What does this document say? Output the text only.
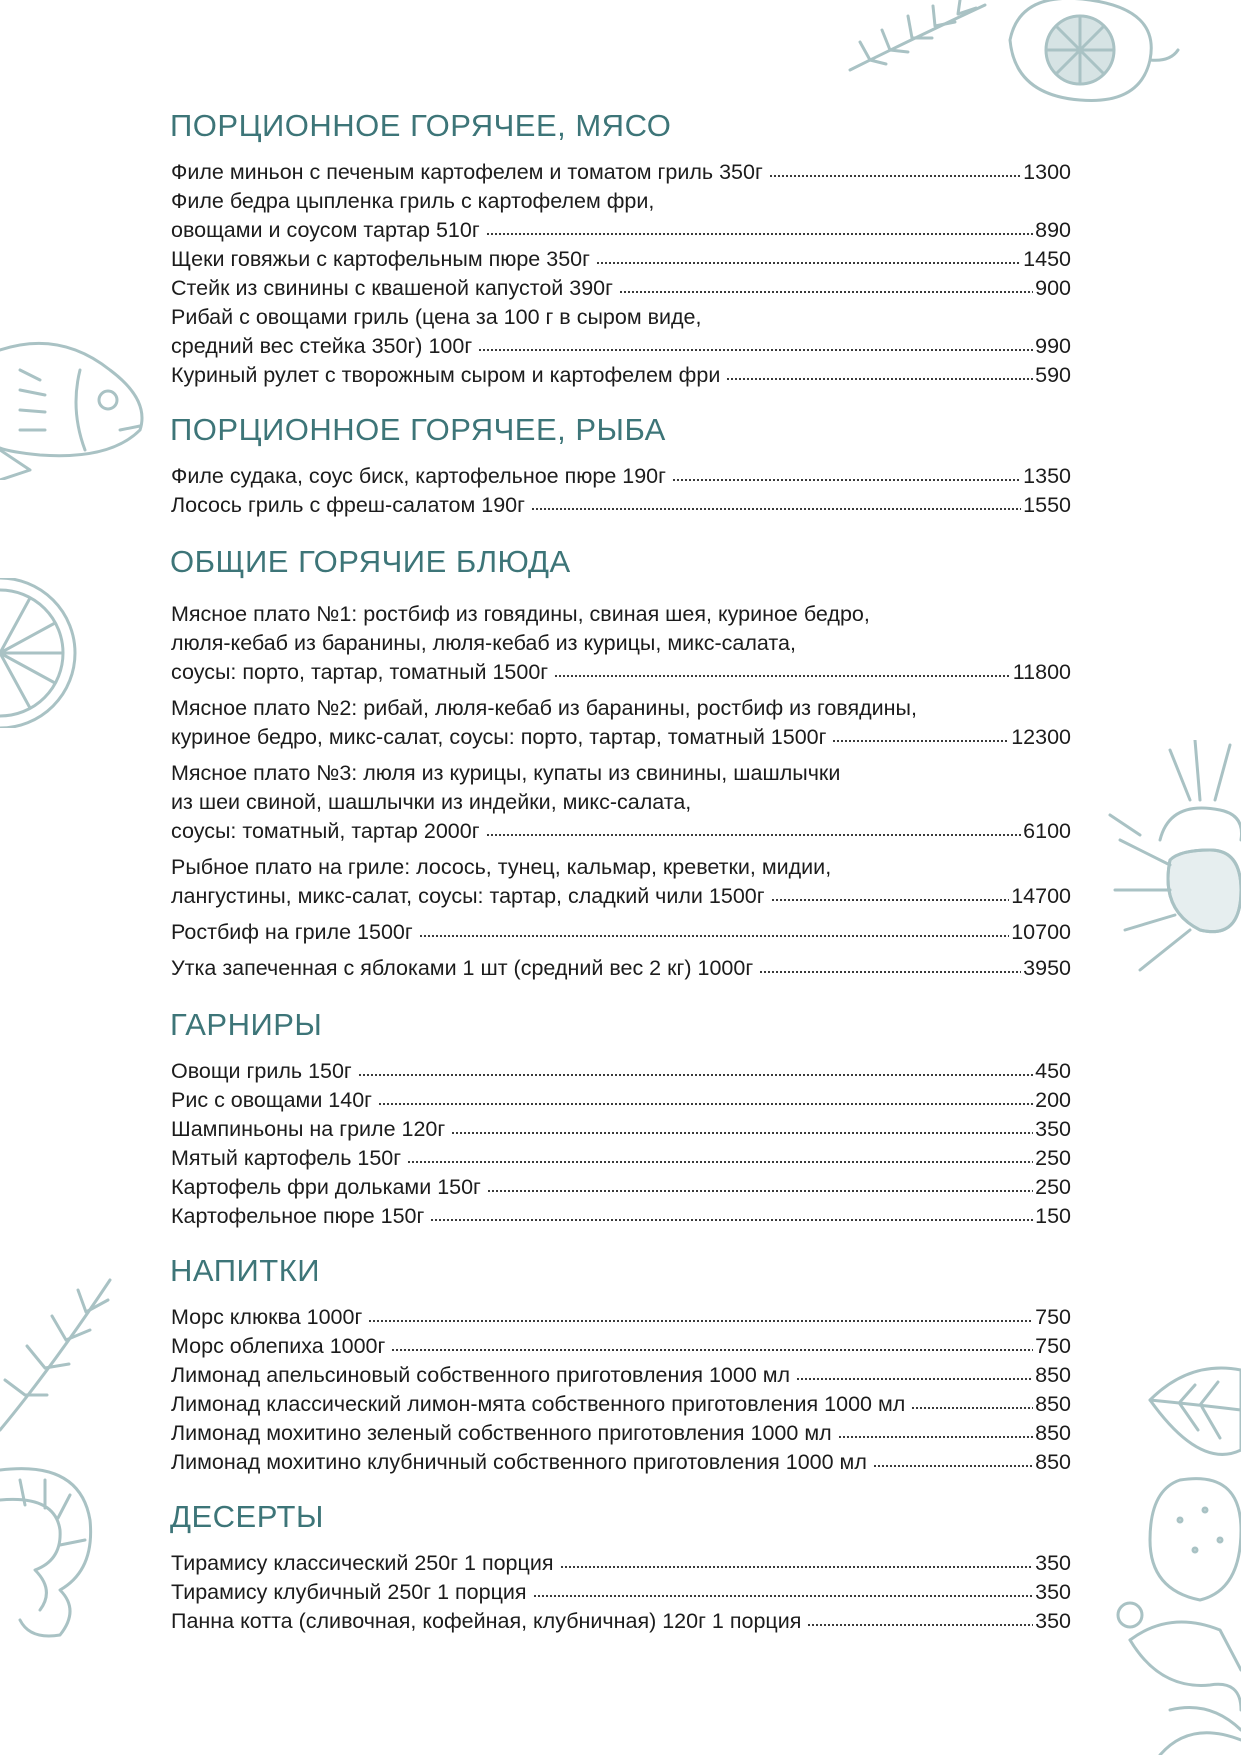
ПОРЦИОННОЕ ГОРЯЧЕЕ, МЯСО
Филе миньон с печеным картофелем и томатом гриль 350г	1300
Филе бедра цыпленка гриль с картофелем фри,
овощами и соусом тартар 510г	890
Щеки говяжьи с картофельным пюре 350г	1450
Стейк из свинины с квашеной капустой 390г	900
Рибай с овощами гриль (цена за 100 г в сыром виде,
средний вес стейка 350г) 100г	990
Куриный рулет с творожным сыром и картофелем фри	590
ПОРЦИОННОЕ ГОРЯЧЕЕ, РЫБА
Филе судака, соус биск, картофельное пюре 190г	1350
Лосось гриль с фреш-салатом 190г	1550
ОБЩИЕ ГОРЯЧИЕ БЛЮДА
Мясное плато №1: ростбиф из говядины, свиная шея, куриное бедро,
люля-кебаб из баранины, люля-кебаб из курицы, микс-салата,
соусы: порто, тартар, томатный 1500г	11800
Мясное плато №2: рибай, люля-кебаб из баранины, ростбиф из говядины,
куриное бедро, микс-салат, соусы: порто, тартар, томатный 1500г	12300
Мясное плато №3: люля из курицы, купаты из свинины, шашлычки
из шеи свиной, шашлычки из индейки, микс-салата,
соусы: томатный, тартар 2000г	6100
Рыбное плато на гриле: лосось, тунец, кальмар, креветки, мидии,
лангустины, микс-салат, соусы: тартар, сладкий чили 1500г	14700
Ростбиф на гриле 1500г	10700
Утка запеченная с яблоками 1 шт (средний вес 2 кг) 1000г	3950
ГАРНИРЫ
Овощи гриль 150г	450
Рис с овощами 140г	200
Шампиньоны на гриле 120г	350
Мятый картофель 150г	250
Картофель фри дольками 150г	250
Картофельное пюре 150г	150
НАПИТКИ
Морс клюква 1000г	750
Морс облепиха 1000г	750
Лимонад апельсиновый собственного приготовления 1000 мл	850
Лимонад классический лимон-мята собственного приготовления 1000 мл	850
Лимонад мохитино зеленый собственного приготовления 1000 мл	850
Лимонад мохитино клубничный собственного приготовления 1000 мл	850
ДЕСЕРТЫ
Тирамису классический 250г 1 порция	350
Тирамису клубичный 250г 1 порция	350
Панна котта (сливочная, кофейная, клубничная) 120г 1 порция	350
